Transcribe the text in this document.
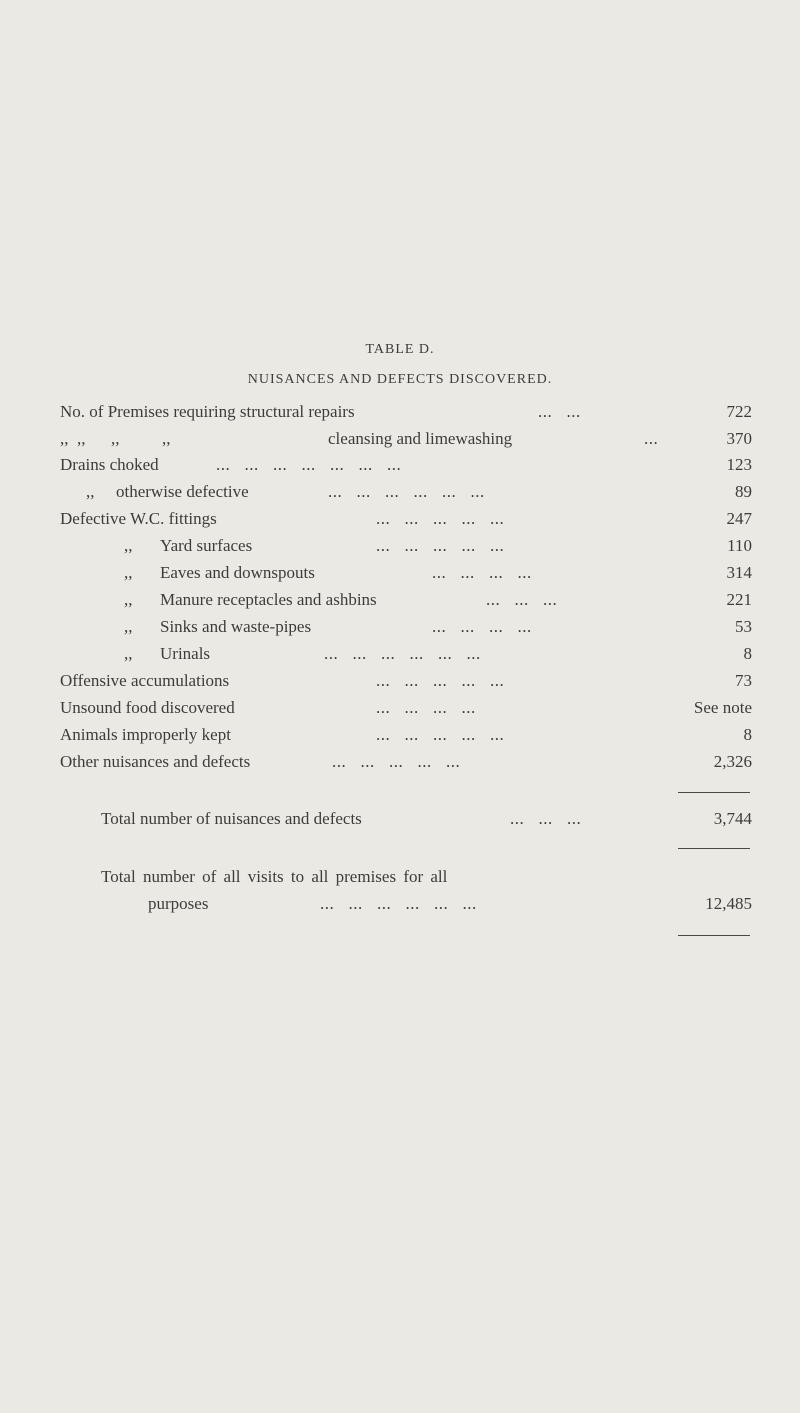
TABLE D.
NUISANCES AND DEFECTS DISCOVERED.
No. of Premises requiring structural repairs	...   ...	722
,,  ,,      ,,          ,,	cleansing and limewashing	...	370
Drains choked	...   ...   ...   ...   ...   ...   ...	123
,, otherwise defective	...   ...   ...   ...   ...   ...	89
Defective W.C. fittings	...   ...   ...   ...   ...	247
,, Yard surfaces	...   ...   ...   ...   ...	110
,, Eaves and downspouts	...   ...   ...   ...	314
,, Manure receptacles and ashbins	...   ...   ...	221
,, Sinks and waste-pipes	...   ...   ...   ...	53
,, Urinals	...   ...   ...   ...   ...   ...	8
Offensive accumulations	...   ...   ...   ...   ...	73
Unsound food discovered	...   ...   ...   ...	See note
Animals improperly kept	...   ...   ...   ...   ...	8
Other nuisances and defects	...   ...   ...   ...   ...	2,326
Total number of nuisances and defects	...   ...   ...	3,744
Total number of all visits to all premises for all
purposes	...   ...   ...   ...   ...   ...	12,485
